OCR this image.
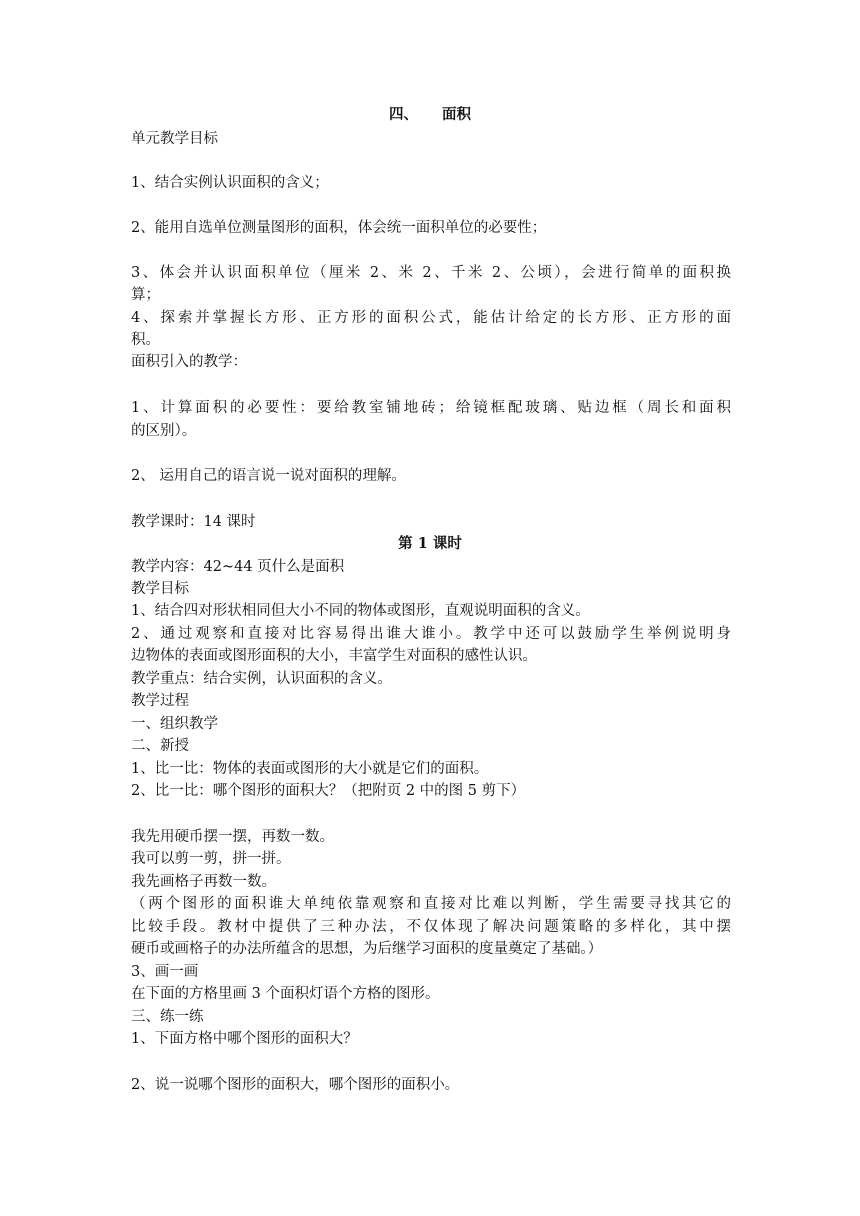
四、 面积
单元教学目标
1、结合实例认识面积的含义；
2、能用自选单位测量图形的面积，体会统一面积单位的必要性；
3、体会并认识面积单位（厘米 2、米 2、千米 2、公顷），会进行简单的面积换
算；
4、探索并掌握长方形、正方形的面积公式，能估计给定的长方形、正方形的面
积。
面积引入的教学：
1、计算面积的必要性：要给教室铺地砖；给镜框配玻璃、贴边框（周长和面积
的区别）。
2、 运用自己的语言说一说对面积的理解。
教学课时：14 课时
第 1 课时
教学内容：42~44 页什么是面积
教学目标
1、结合四对形状相同但大小不同的物体或图形，直观说明面积的含义。
2、通过观察和直接对比容易得出谁大谁小。教学中还可以鼓励学生举例说明身
边物体的表面或图形面积的大小，丰富学生对面积的感性认识。
教学重点：结合实例，认识面积的含义。
教学过程
一、组织教学
二、新授
1、比一比：物体的表面或图形的大小就是它们的面积。
2、比一比：哪个图形的面积大？（把附页 2 中的图 5 剪下）
我先用硬币摆一摆，再数一数。
我可以剪一剪，拼一拼。
我先画格子再数一数。
（两个图形的面积谁大单纯依靠观察和直接对比难以判断，学生需要寻找其它的
比较手段。教材中提供了三种办法，不仅体现了解决问题策略的多样化，其中摆
硬币或画格子的办法所蕴含的思想，为后继学习面积的度量奠定了基础。）
3、画一画
在下面的方格里画 3 个面积灯语个方格的图形。
三、练一练
1、下面方格中哪个图形的面积大？
2、说一说哪个图形的面积大，哪个图形的面积小。
